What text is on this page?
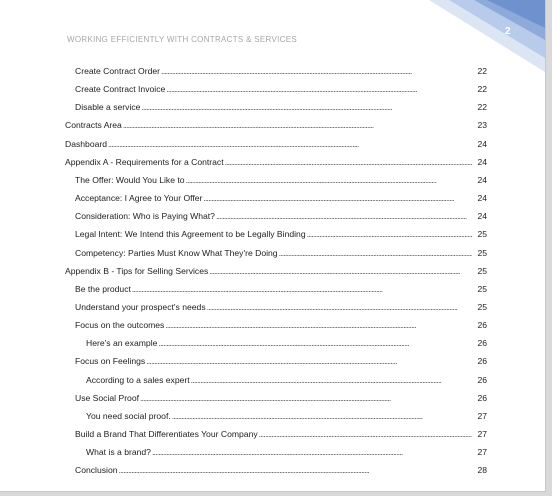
WORKING EFFICIENTLY WITH CONTRACTS & SERVICES
2
Create Contract Order . . .	22
Create Contract Invoice . . .	22
Disable a service . . .	22
Contracts Area . . .	23
Dashboard . . .	24
Appendix A - Requirements for a Contract . . .	24
The Offer: Would You Like to . . .	24
Acceptance: I Agree to Your Offer . . .	24
Consideration: Who is Paying What? . . .	24
Legal Intent: We Intend this Agreement to be Legally Binding . . .	25
Competency: Parties Must Know What They're Doing . . .	25
Appendix B - Tips for Selling Services . . .	25
Be the product . . .	25
Understand your prospect's needs . . .	25
Focus on the outcomes . . .	26
Here's an example . . .	26
Focus on Feelings . . .	26
According to a sales expert . . .	26
Use Social Proof . . .	26
You need social proof. . . .	27
Build a Brand That Differentiates Your Company . . .	27
What is a brand? . . .	27
Conclusion . . .	28
